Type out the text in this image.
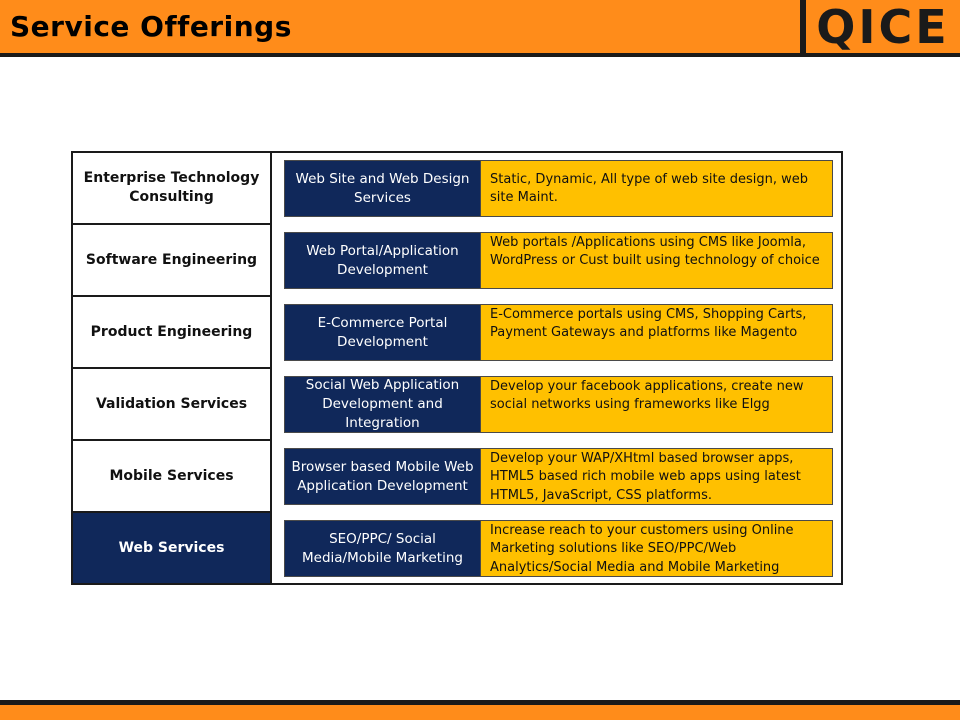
Service Offerings	QICE
Enterprise Technology Consulting
Software Engineering
Product Engineering
Validation Services
Mobile Services
Web Services
Web Site and Web Design Services
Static, Dynamic, All type of web site design, web site Maint.
Web Portal/Application Development
Web portals /Applications using CMS like Joomla, WordPress or Cust built using technology of choice
E-Commerce Portal Development
E-Commerce portals using CMS, Shopping Carts, Payment Gateways and platforms like Magento
Social Web Application Development and Integration
Develop your facebook applications, create new social networks using frameworks like Elgg
Browser based Mobile Web Application Development
Develop your WAP/XHtml based browser apps, HTML5 based rich mobile web apps using latest HTML5, JavaScript, CSS platforms.
SEO/PPC/ Social Media/Mobile Marketing
Increase reach to your customers using Online Marketing solutions like SEO/PPC/Web Analytics/Social Media and Mobile Marketing
